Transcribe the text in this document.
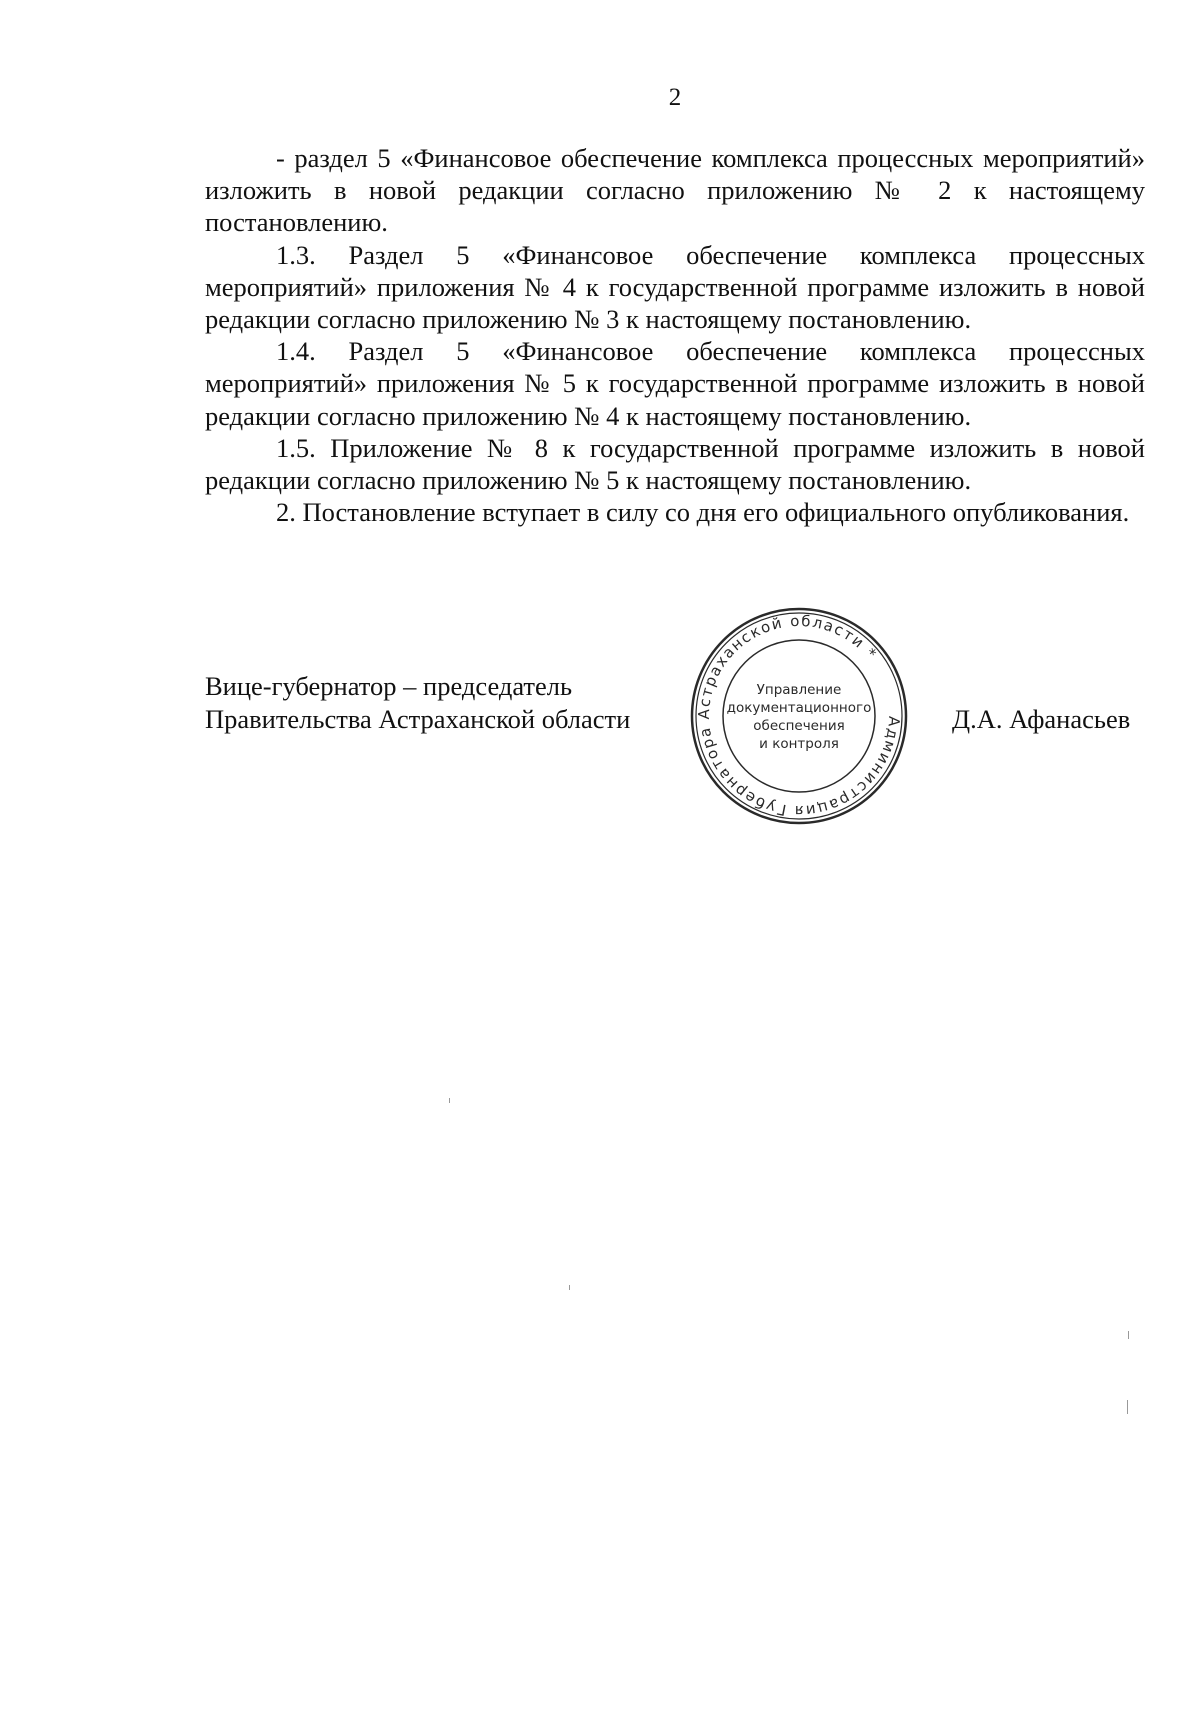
2

- раздел 5 «Финансовое обеспечение комплекса процессных мероприятий» изложить в новой редакции согласно приложению № 2 к настоящему постановлению.

1.3. Раздел 5 «Финансовое обеспечение комплекса процессных мероприятий» приложения № 4 к государственной программе изложить в новой редакции согласно приложению № 3 к настоящему постановлению.

1.4. Раздел 5 «Финансовое обеспечение комплекса процессных мероприятий» приложения № 5 к государственной программе изложить в новой редакции согласно приложению № 4 к настоящему постановлению.

1.5. Приложение № 8 к государственной программе изложить в новой редакции согласно приложению № 5 к настоящему постановлению.

2. Постановление вступает в силу со дня его официального опубликования.

Вице-губернатор – председатель
Правительства Астраханской области	Администрация Губернатора Астраханской области *
Управление
документационного
обеспечения
и контроля
Д.А. Афанасьев
